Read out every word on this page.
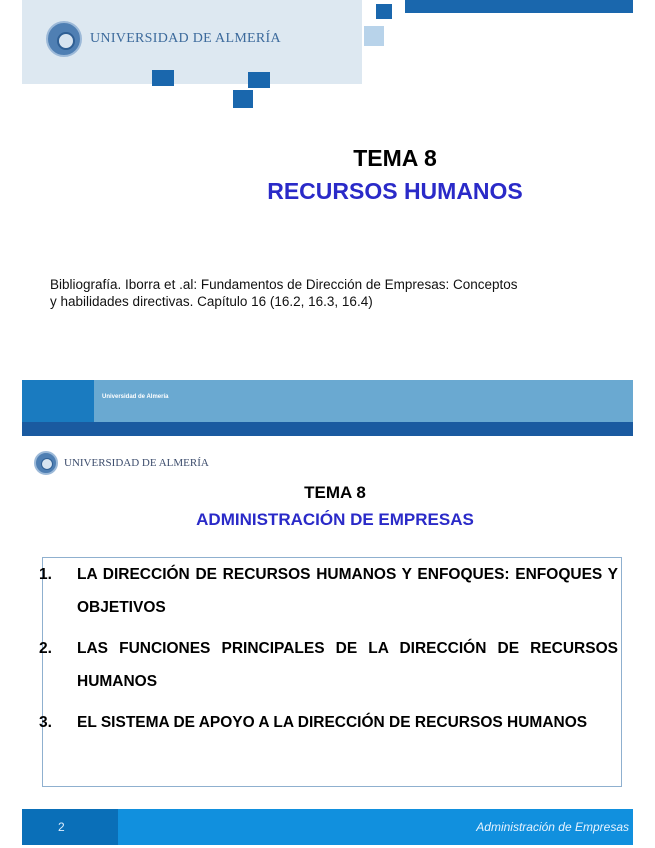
UNIVERSIDAD DE ALMERÍA
TEMA 8
RECURSOS HUMANOS
Bibliografía. Iborra et .al: Fundamentos de Dirección de Empresas: Conceptos
y habilidades directivas. Capítulo 16 (16.2, 16.3, 16.4)
Universidad de Almería
UNIVERSIDAD DE ALMERÍA
TEMA 8
ADMINISTRACIÓN DE EMPRESAS
1.	LA DIRECCIÓN DE RECURSOS HUMANOS Y ENFOQUES: ENFOQUES Y OBJETIVOS
2.	LAS FUNCIONES PRINCIPALES DE LA DIRECCIÓN DE RECURSOS HUMANOS
3.	EL SISTEMA DE APOYO A LA DIRECCIÓN DE RECURSOS HUMANOS
2	Administración de Empresas
